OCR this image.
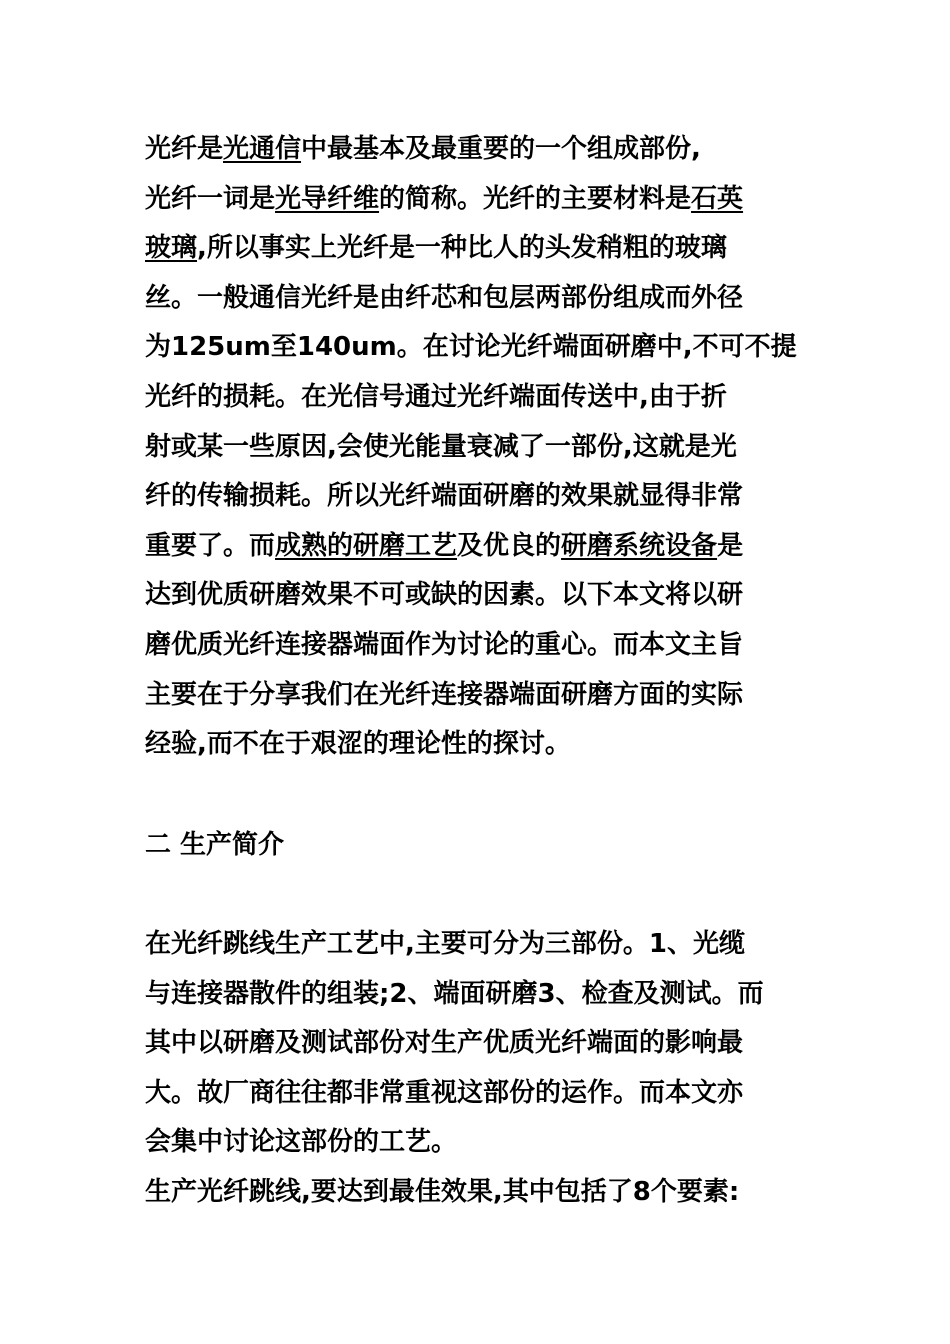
光纤是光通信中最基本及最重要的一个组成部份,
光纤一词是光导纤维的简称。光纤的主要材料是石英
玻璃,所以事实上光纤是一种比人的头发稍粗的玻璃
丝。一般通信光纤是由纤芯和包层两部份组成而外径
为125um至140um。在讨论光纤端面研磨中,不可不提
光纤的损耗。在光信号通过光纤端面传送中,由于折
射或某一些原因,会使光能量衰减了一部份,这就是光
纤的传输损耗。所以光纤端面研磨的效果就显得非常
重要了。而成熟的研磨工艺及优良的研磨系统设备是
达到优质研磨效果不可或缺的因素。以下本文将以研
磨优质光纤连接器端面作为讨论的重心。而本文主旨
主要在于分享我们在光纤连接器端面研磨方面的实际
经验,而不在于艰涩的理论性的探讨。
二 生产简介
在光纤跳线生产工艺中,主要可分为三部份。1、光缆
与连接器散件的组装;2、端面研磨3、检查及测试。而
其中以研磨及测试部份对生产优质光纤端面的影响最
大。故厂商往往都非常重视这部份的运作。而本文亦
会集中讨论这部份的工艺。
生产光纤跳线,要达到最佳效果,其中包括了8个要素:
